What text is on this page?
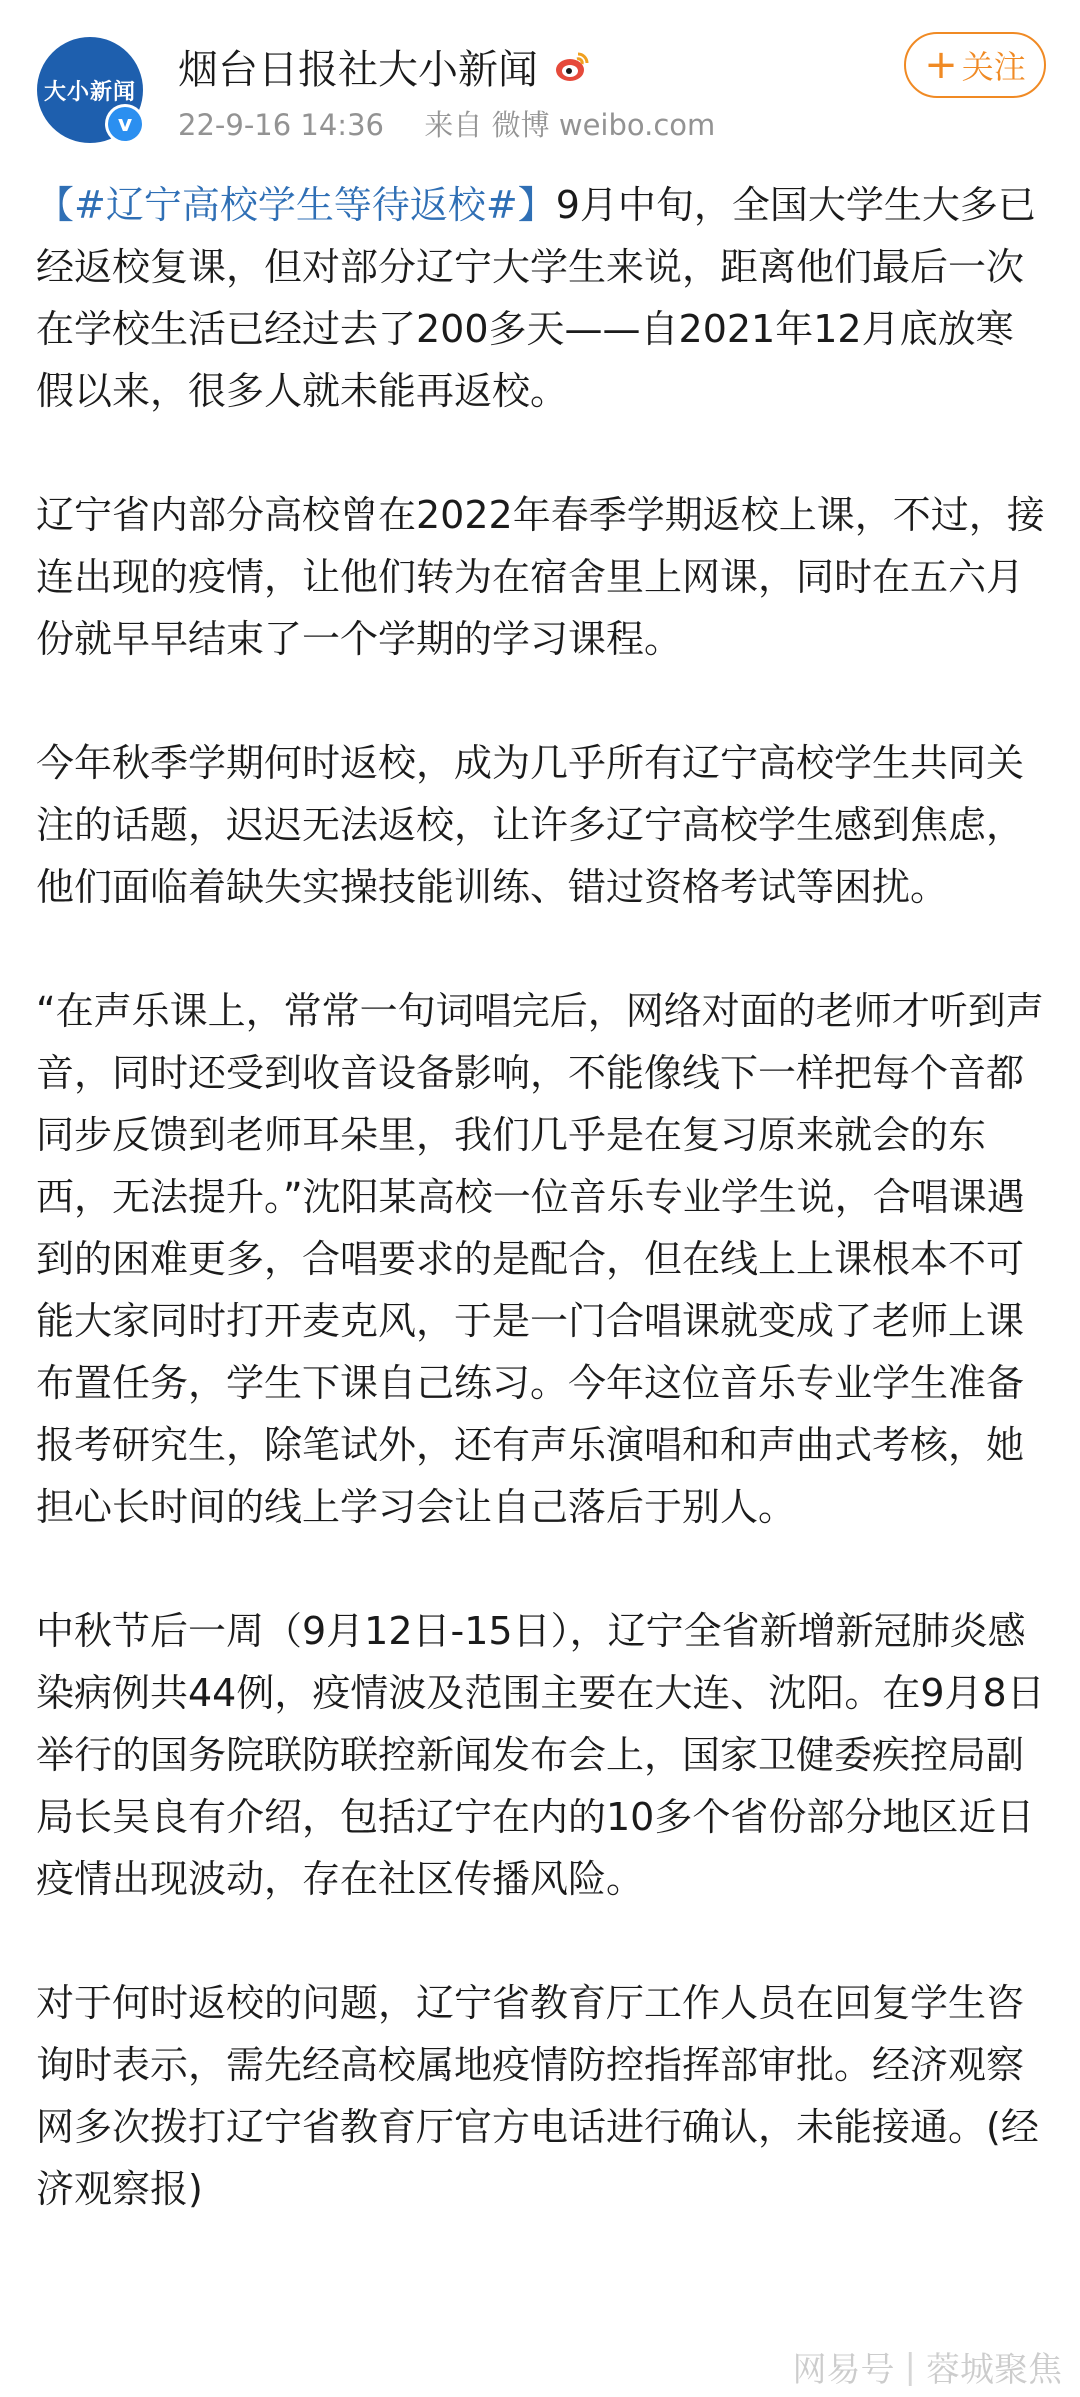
大小新闻
v
烟台日报社大小新闻
22-9-16 14:36 来自 微博 weibo.com
+ 关注

【#辽宁高校学生等待返校#】9月中旬，全国大学生大多已经返校复课，但对部分辽宁大学生来说，距离他们最后一次在学校生活已经过去了200多天——自2021年12月底放寒假以来，很多人就未能再返校。

辽宁省内部分高校曾在2022年春季学期返校上课，不过，接连出现的疫情，让他们转为在宿舍里上网课，同时在五六月份就早早结束了一个学期的学习课程。

今年秋季学期何时返校，成为几乎所有辽宁高校学生共同关注的话题，迟迟无法返校，让许多辽宁高校学生感到焦虑，他们面临着缺失实操技能训练、错过资格考试等困扰。

“在声乐课上，常常一句词唱完后，网络对面的老师才听到声音，同时还受到收音设备影响，不能像线下一样把每个音都同步反馈到老师耳朵里，我们几乎是在复习原来就会的东西，无法提升。”沈阳某高校一位音乐专业学生说，合唱课遇到的困难更多，合唱要求的是配合，但在线上上课根本不可能大家同时打开麦克风，于是一门合唱课就变成了老师上课布置任务，学生下课自己练习。今年这位音乐专业学生准备报考研究生，除笔试外，还有声乐演唱和和声曲式考核，她担心长时间的线上学习会让自己落后于别人。

中秋节后一周（9月12日-15日），辽宁全省新增新冠肺炎感染病例共44例，疫情波及范围主要在大连、沈阳。在9月8日举行的国务院联防联控新闻发布会上，国家卫健委疾控局副局长吴良有介绍，包括辽宁在内的10多个省份部分地区近日疫情出现波动，存在社区传播风险。

对于何时返校的问题，辽宁省教育厅工作人员在回复学生咨询时表示，需先经高校属地疫情防控指挥部审批。经济观察网多次拨打辽宁省教育厅官方电话进行确认，未能接通。(经济观察报)

网易号 | 蓉城聚焦
